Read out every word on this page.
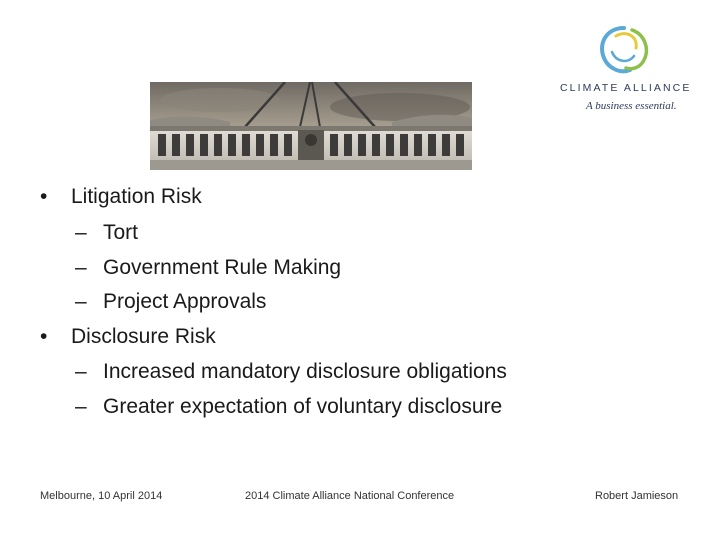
CLIMATE ALLIANCE
A business essential.
•	Litigation Risk
– Tort
– Government Rule Making
– Project Approvals
•	Disclosure Risk
– Increased mandatory disclosure obligations
– Greater expectation of voluntary disclosure
Melbourne, 10 April 2014	2014 Climate Alliance National Conference	Robert Jamieson
